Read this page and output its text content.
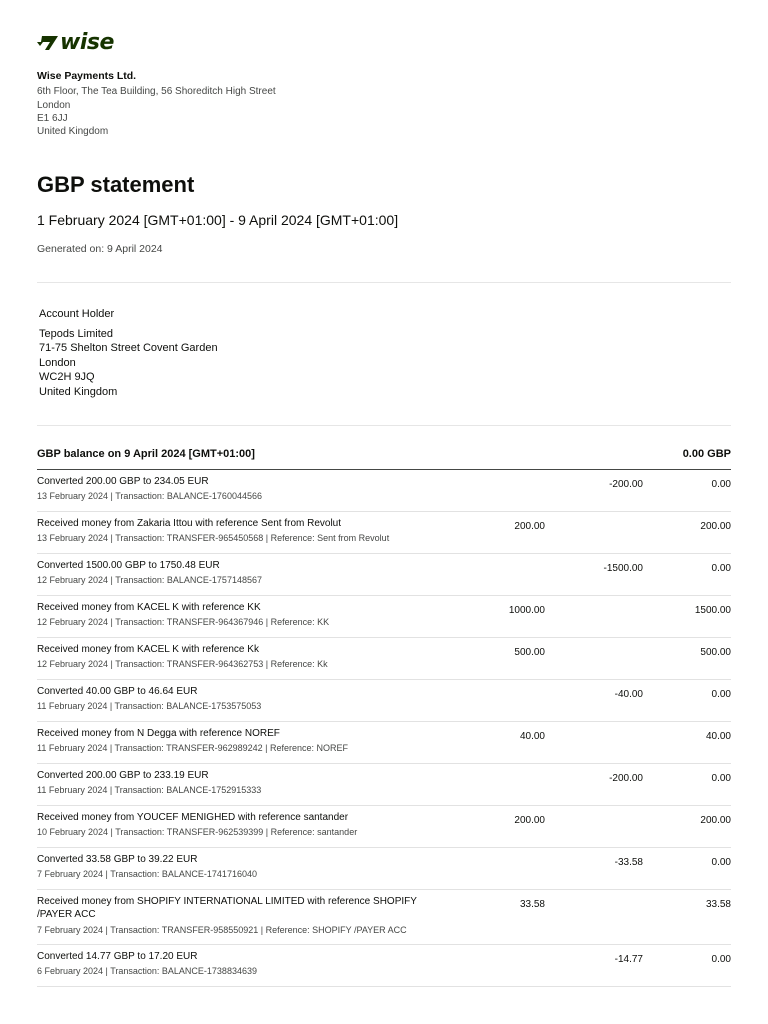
wise
Wise Payments Ltd.
6th Floor, The Tea Building, 56 Shoreditch High Street
London
E1 6JJ
United Kingdom
GBP statement
1 February 2024 [GMT+01:00] - 9 April 2024 [GMT+01:00]
Generated on: 9 April 2024
Account Holder
Tepods Limited
71-75 Shelton Street Covent Garden
London
WC2H 9JQ
United Kingdom
GBP balance on 9 April 2024 [GMT+01:00]	0.00 GBP
Converted 200.00 GBP to 234.05 EUR
13 February 2024 | Transaction: BALANCE-1760044566
-200.00	0.00
Received money from Zakaria Ittou with reference Sent from Revolut
13 February 2024 | Transaction: TRANSFER-965450568 | Reference: Sent from Revolut
200.00	200.00
Converted 1500.00 GBP to 1750.48 EUR
12 February 2024 | Transaction: BALANCE-1757148567
-1500.00	0.00
Received money from KACEL K with reference KK
12 February 2024 | Transaction: TRANSFER-964367946 | Reference: KK
1000.00	1500.00
Received money from KACEL K with reference Kk
12 February 2024 | Transaction: TRANSFER-964362753 | Reference: Kk
500.00	500.00
Converted 40.00 GBP to 46.64 EUR
11 February 2024 | Transaction: BALANCE-1753575053
-40.00	0.00
Received money from N Degga with reference NOREF
11 February 2024 | Transaction: TRANSFER-962989242 | Reference: NOREF
40.00	40.00
Converted 200.00 GBP to 233.19 EUR
11 February 2024 | Transaction: BALANCE-1752915333
-200.00	0.00
Received money from YOUCEF MENIGHED with reference santander
10 February 2024 | Transaction: TRANSFER-962539399 | Reference: santander
200.00	200.00
Converted 33.58 GBP to 39.22 EUR
7 February 2024 | Transaction: BALANCE-1741716040
-33.58	0.00
Received money from SHOPIFY INTERNATIONAL LIMITED with reference SHOPIFY /PAYER ACC
7 February 2024 | Transaction: TRANSFER-958550921 | Reference: SHOPIFY /PAYER ACC
33.58	33.58
Converted 14.77 GBP to 17.20 EUR
6 February 2024 | Transaction: BALANCE-1738834639
-14.77	0.00
